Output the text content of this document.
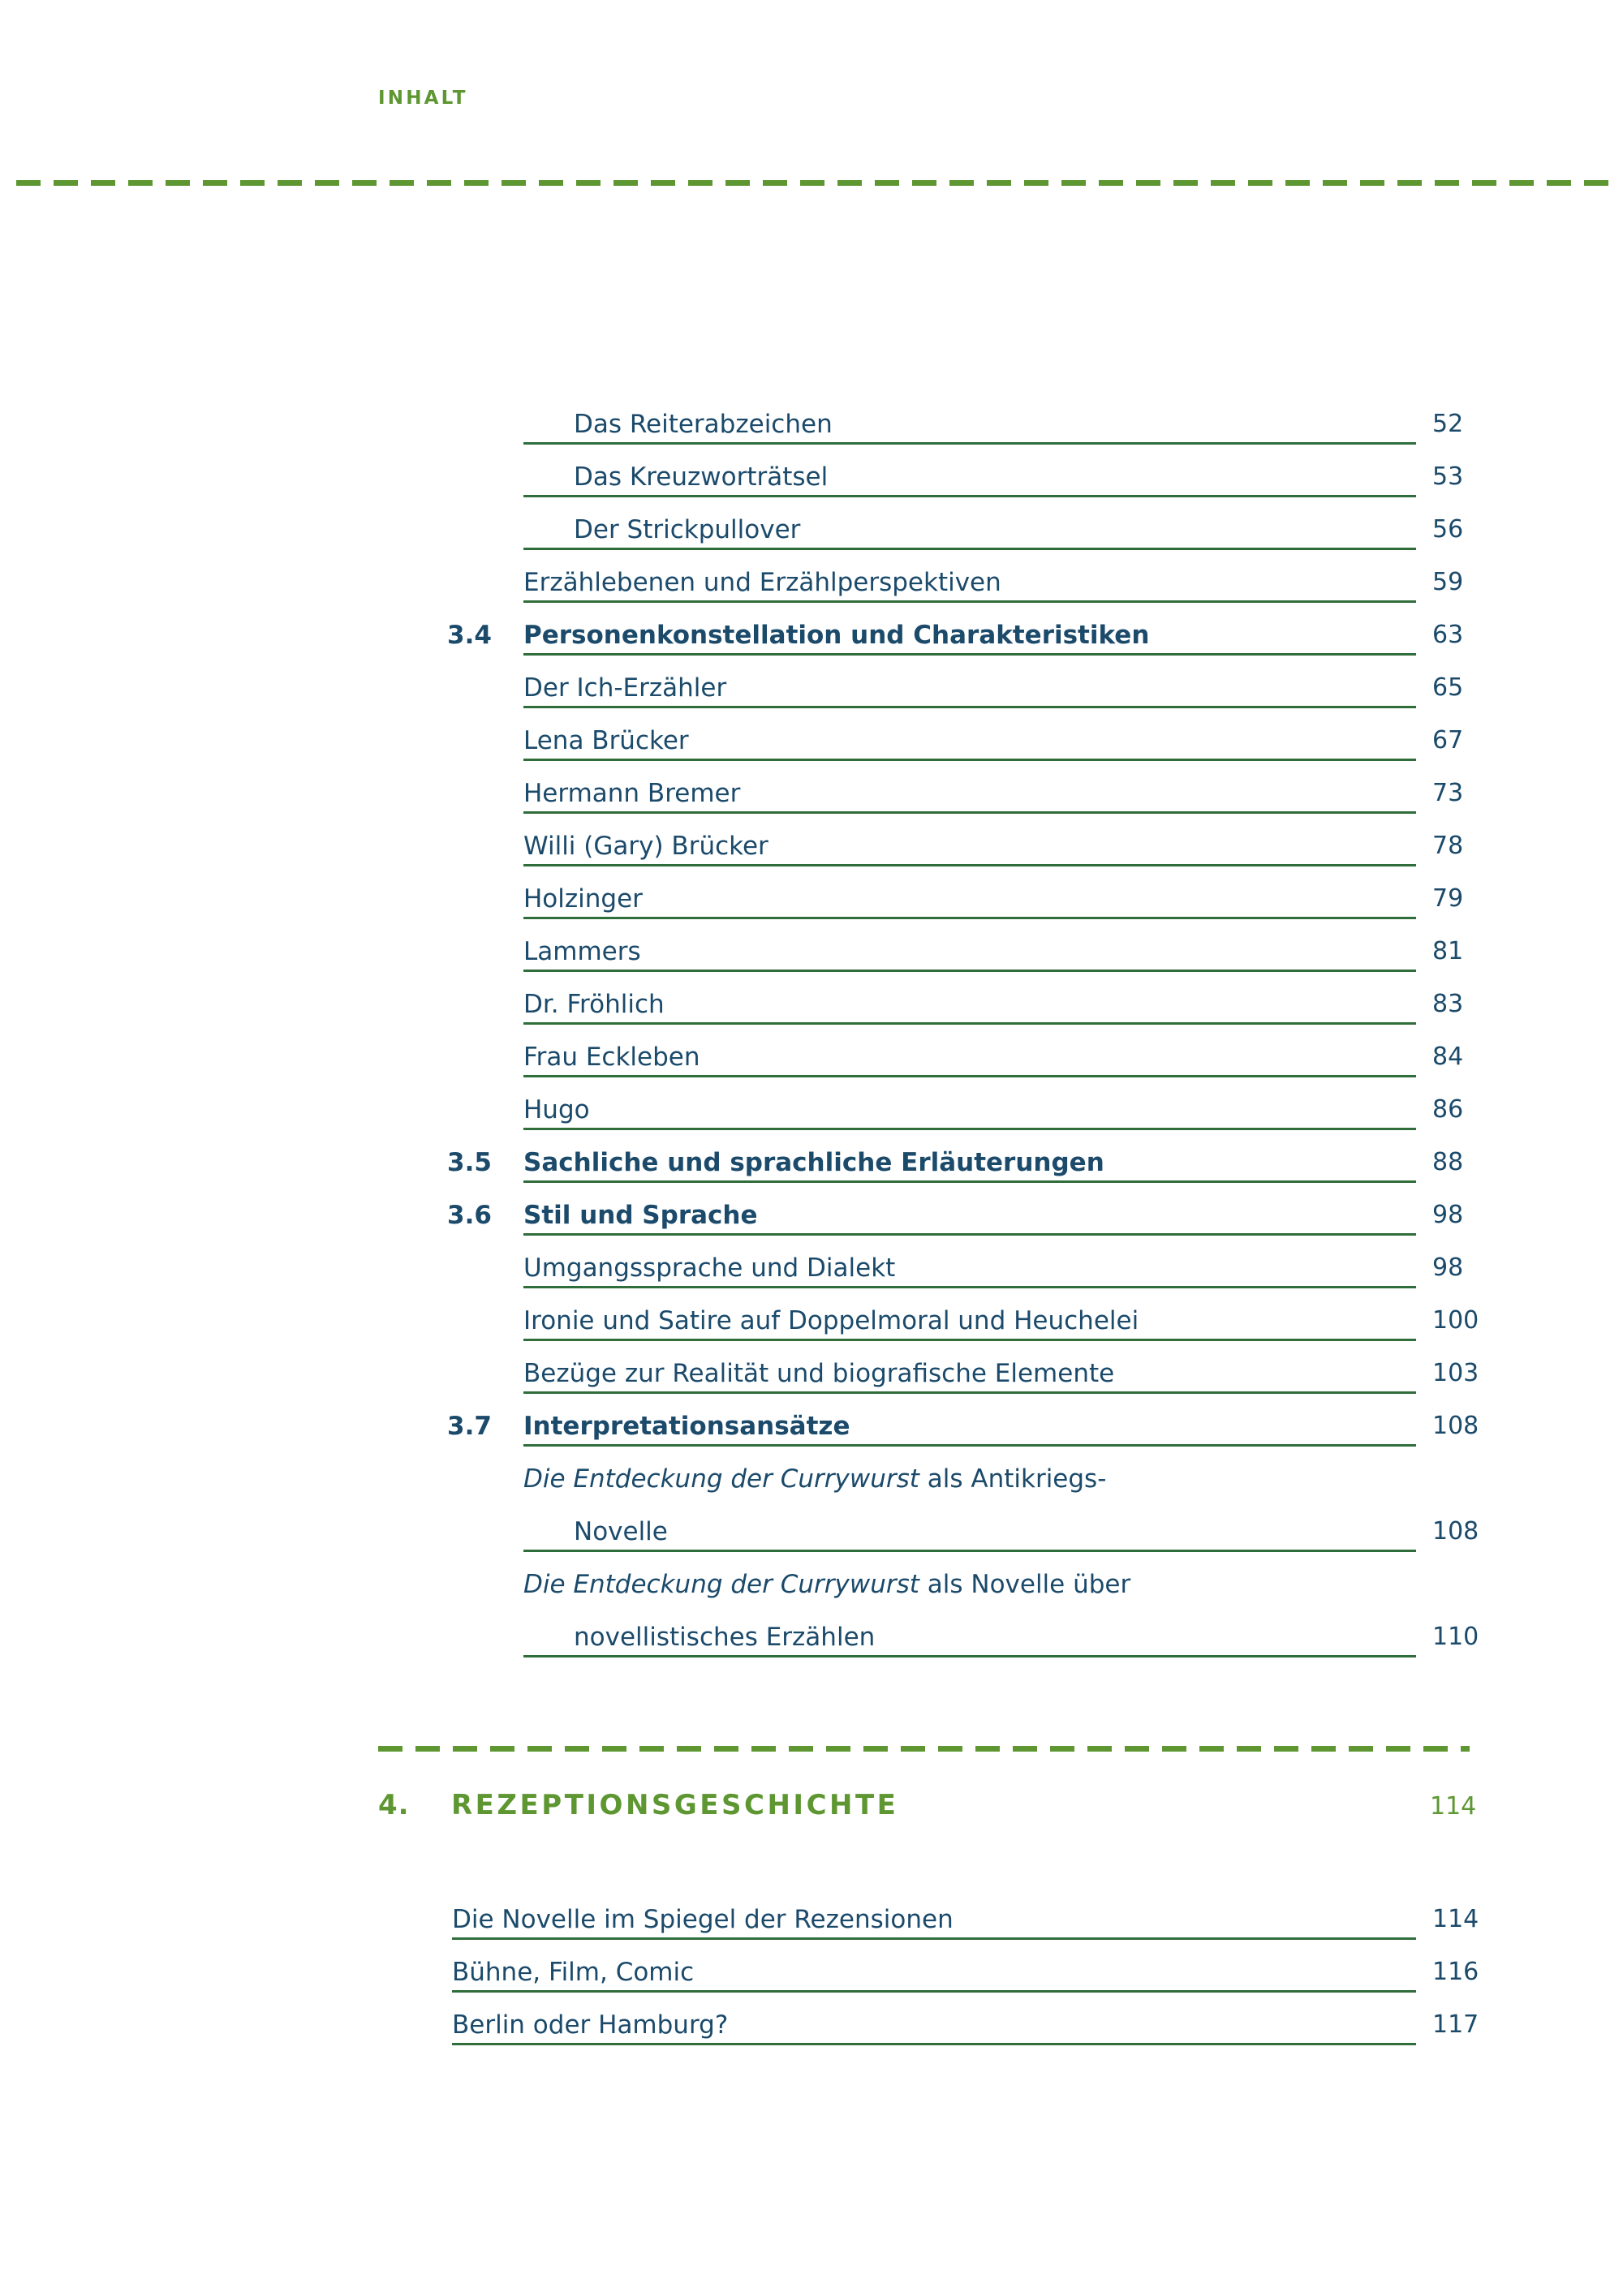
INHALT
Das Reiterabzeichen	52
Das Kreuzworträtsel	53
Der Strickpullover	56
Erzählebenen und Erzählperspektiven	59
3.4	Personenkonstellation und Charakteristiken	63
Der Ich-Erzähler	65
Lena Brücker	67
Hermann Bremer	73
Willi (Gary) Brücker	78
Holzinger	79
Lammers	81
Dr. Fröhlich	83
Frau Eckleben	84
Hugo	86
3.5	Sachliche und sprachliche Erläuterungen	88
3.6	Stil und Sprache	98
Umgangssprache und Dialekt	98
Ironie und Satire auf Doppelmoral und Heuchelei	100
Bezüge zur Realität und biografische Elemente	103
3.7	Interpretationsansätze	108
Die Entdeckung der Currywurst als Antikriegs-
Novelle	108
Die Entdeckung der Currywurst als Novelle über
novellistisches Erzählen	110
4. REZEPTIONSGESCHICHTE	114
Die Novelle im Spiegel der Rezensionen	114
Bühne, Film, Comic	116
Berlin oder Hamburg?	117
